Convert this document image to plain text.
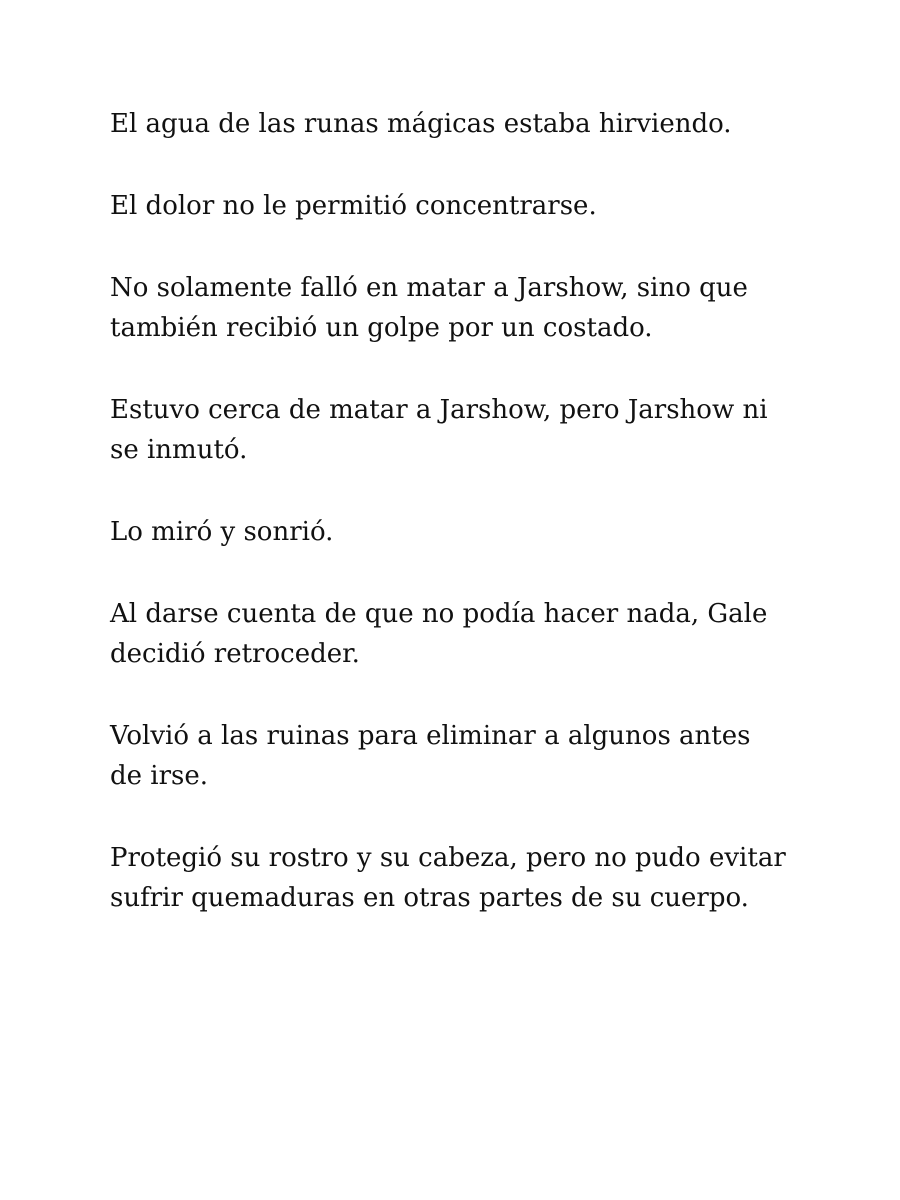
El agua de las runas mágicas estaba hirviendo.

El dolor no le permitió concentrarse.

No solamente falló en matar a Jarshow, sino que también recibió un golpe por un costado.

Estuvo cerca de matar a Jarshow, pero Jarshow ni se inmutó.

Lo miró y sonrió.

Al darse cuenta de que no podía hacer nada, Gale decidió retroceder.

Volvió a las ruinas para eliminar a algunos antes de irse.

Protegió su rostro y su cabeza, pero no pudo evitar sufrir quemaduras en otras partes de su cuerpo.
